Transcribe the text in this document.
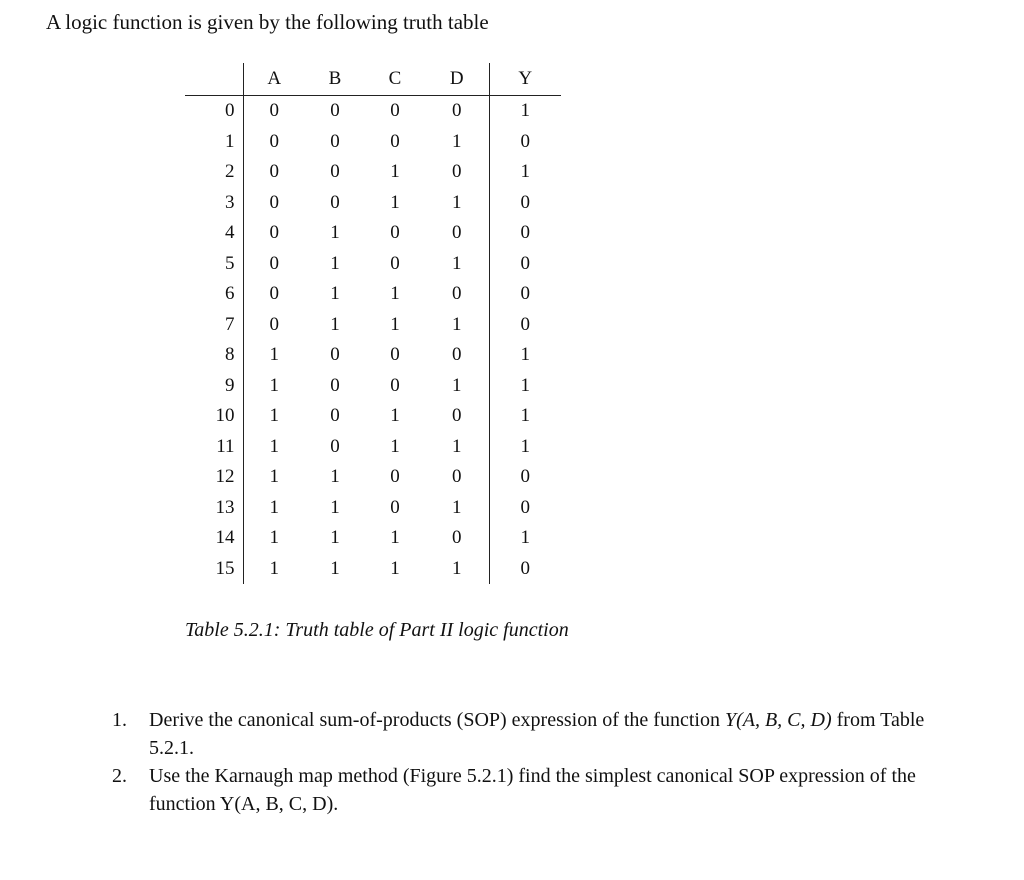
A logic function is given by the following truth table
	A	B	C	D	Y
0	0	0	0	0	1
1	0	0	0	1	0
2	0	0	1	0	1
3	0	0	1	1	0
4	0	1	0	0	0
5	0	1	0	1	0
6	0	1	1	0	0
7	0	1	1	1	0
8	1	0	0	0	1
9	1	0	0	1	1
10	1	0	1	0	1
11	1	0	1	1	1
12	1	1	0	0	0
13	1	1	0	1	0
14	1	1	1	0	1
15	1	1	1	1	0
Table 5.2.1: Truth table of Part II logic function
1. Derive the canonical sum-of-products (SOP) expression of the function Y(A, B, C, D) from Table 5.2.1.
2. Use the Karnaugh map method (Figure 5.2.1) find the simplest canonical SOP expression of the function Y(A, B, C, D).
